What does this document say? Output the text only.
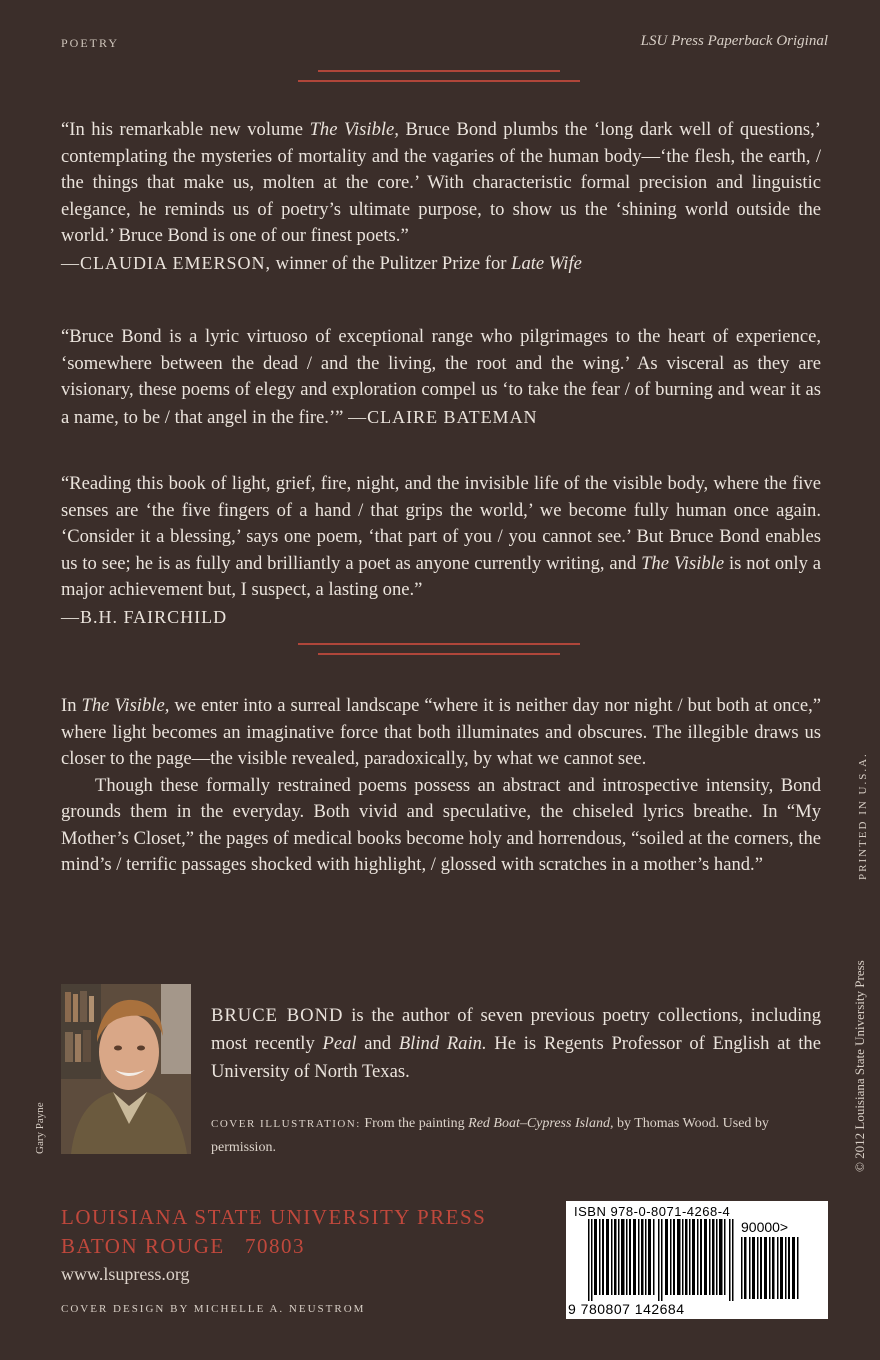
POETRY	LSU Press Paperback Original

“In his remarkable new volume The Visible, Bruce Bond plumbs the ‘long dark well of questions,’ contemplating the mysteries of mortality and the vagaries of the human body—‘the flesh, the earth, / the things that make us, molten at the core.’ With characteristic formal precision and linguistic elegance, he reminds us of poetry’s ultimate purpose, to show us the ‘shining world outside the world.’ Bruce Bond is one of our finest poets.”
—CLAUDIA EMERSON, winner of the Pulitzer Prize for Late Wife

“Bruce Bond is a lyric virtuoso of exceptional range who pilgrimages to the heart of experience, ‘somewhere between the dead / and the living, the root and the wing.’ As visceral as they are visionary, these poems of elegy and exploration compel us ‘to take the fear / of burning and wear it as a name, to be / that angel in the fire.’” —CLAIRE BATEMAN

“Reading this book of light, grief, fire, night, and the invisible life of the visible body, where the five senses are ‘the five fingers of a hand / that grips the world,’ we become fully human once again. ‘Consider it a blessing,’ says one poem, ‘that part of you / you cannot see.’ But Bruce Bond enables us to see; he is as fully and brilliantly a poet as anyone currently writing, and The Visible is not only a major achievement but, I suspect, a lasting one.”
—B.H. FAIRCHILD

In The Visible, we enter into a surreal landscape “where it is neither day nor night / but both at once,” where light becomes an imaginative force that both illuminates and obscures. The illegible draws us closer to the page—the visible revealed, paradoxically, by what we cannot see.

Though these formally restrained poems possess an abstract and introspective intensity, Bond grounds them in the everyday. Both vivid and speculative, the chiseled lyrics breathe. In “My Mother’s Closet,” the pages of medical books become holy and horrendous, “soiled at the corners, the mind’s / terrific passages shocked with highlight, / glossed with scratches in a mother’s hand.”

Gary Payne
BRUCE BOND is the author of seven previous poetry collections, including most recently Peal and Blind Rain. He is Regents Professor of English at the University of North Texas.
COVER ILLUSTRATION: From the painting Red Boat–Cypress Island, by Thomas Wood. Used by permission.
LOUISIANA STATE UNIVERSITY PRESS
BATON ROUGE 70803
www.lsupress.org
COVER DESIGN BY MICHELLE A. NEUSTROM
PRINTED IN U.S.A.
© 2012 Louisiana State University Press
ISBN 978-0-8071-4268-4
90000>
9 780807 142684
